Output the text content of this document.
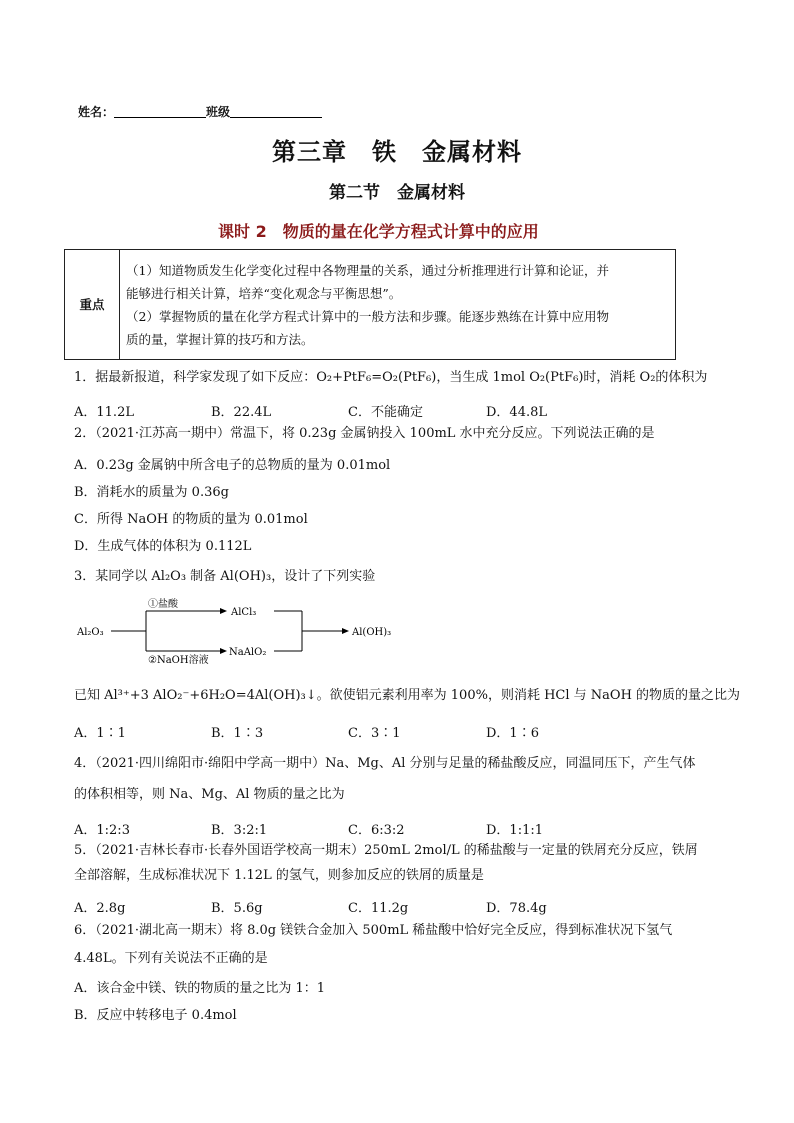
姓名：	班级
第三章　铁　金属材料
第二节　金属材料
课时 2　物质的量在化学方程式计算中的应用
重点	
（1）知道物质发生化学变化过程中各物理量的关系，通过分析推理进行计算和论证，并
能够进行相关计算，培养“变化观念与平衡思想”。
（2）掌握物质的量在化学方程式计算中的一般方法和步骤。能逐步熟练在计算中应用物
质的量，掌握计算的技巧和方法。
1．据最新报道，科学家发现了如下反应：O₂+PtF₆=O₂(PtF₆)，当生成 1mol O₂(PtF₆)时，消耗 O₂的体积为
A．11.2L	B．22.4L	C．不能确定	D．44.8L
2．（2021·江苏高一期中）常温下，将 0.23g 金属钠投入 100mL 水中充分反应。下列说法正确的是
A．0.23g 金属钠中所含电子的总物质的量为 0.01mol
B．消耗水的质量为 0.36g
C．所得 NaOH 的物质的量为 0.01mol
D．生成气体的体积为 0.112L
3．某同学以 Al₂O₃ 制备 Al(OH)₃，设计了下列实验
Al₂O₃
①盐酸
②NaOH溶液
AlCl₃
NaAlO₂
Al(OH)₃
已知 Al³⁺+3 AlO₂⁻+6H₂O=4Al(OH)₃↓。欲使铝元素利用率为 100%，则消耗 HCl 与 NaOH 的物质的量之比为
A．1∶1	B．1∶3	C．3∶1	D．1∶6
4．（2021·四川绵阳市·绵阳中学高一期中）Na、Mg、Al 分别与足量的稀盐酸反应，同温同压下，产生气体
的体积相等，则 Na、Mg、Al 物质的量之比为
A．1:2:3	B．3:2:1	C．6:3:2	D．1:1:1
5．（2021·吉林长春市·长春外国语学校高一期末）250mL 2mol/L 的稀盐酸与一定量的铁屑充分反应，铁屑
全部溶解，生成标准状况下 1.12L 的氢气，则参加反应的铁屑的质量是
A．2.8g	B．5.6g	C．11.2g	D．78.4g
6．（2021·湖北高一期末）将 8.0g 镁铁合金加入 500mL 稀盐酸中恰好完全反应，得到标准状况下氢气
4.48L。下列有关说法不正确的是
A．该合金中镁、铁的物质的量之比为 1：1
B．反应中转移电子 0.4mol
